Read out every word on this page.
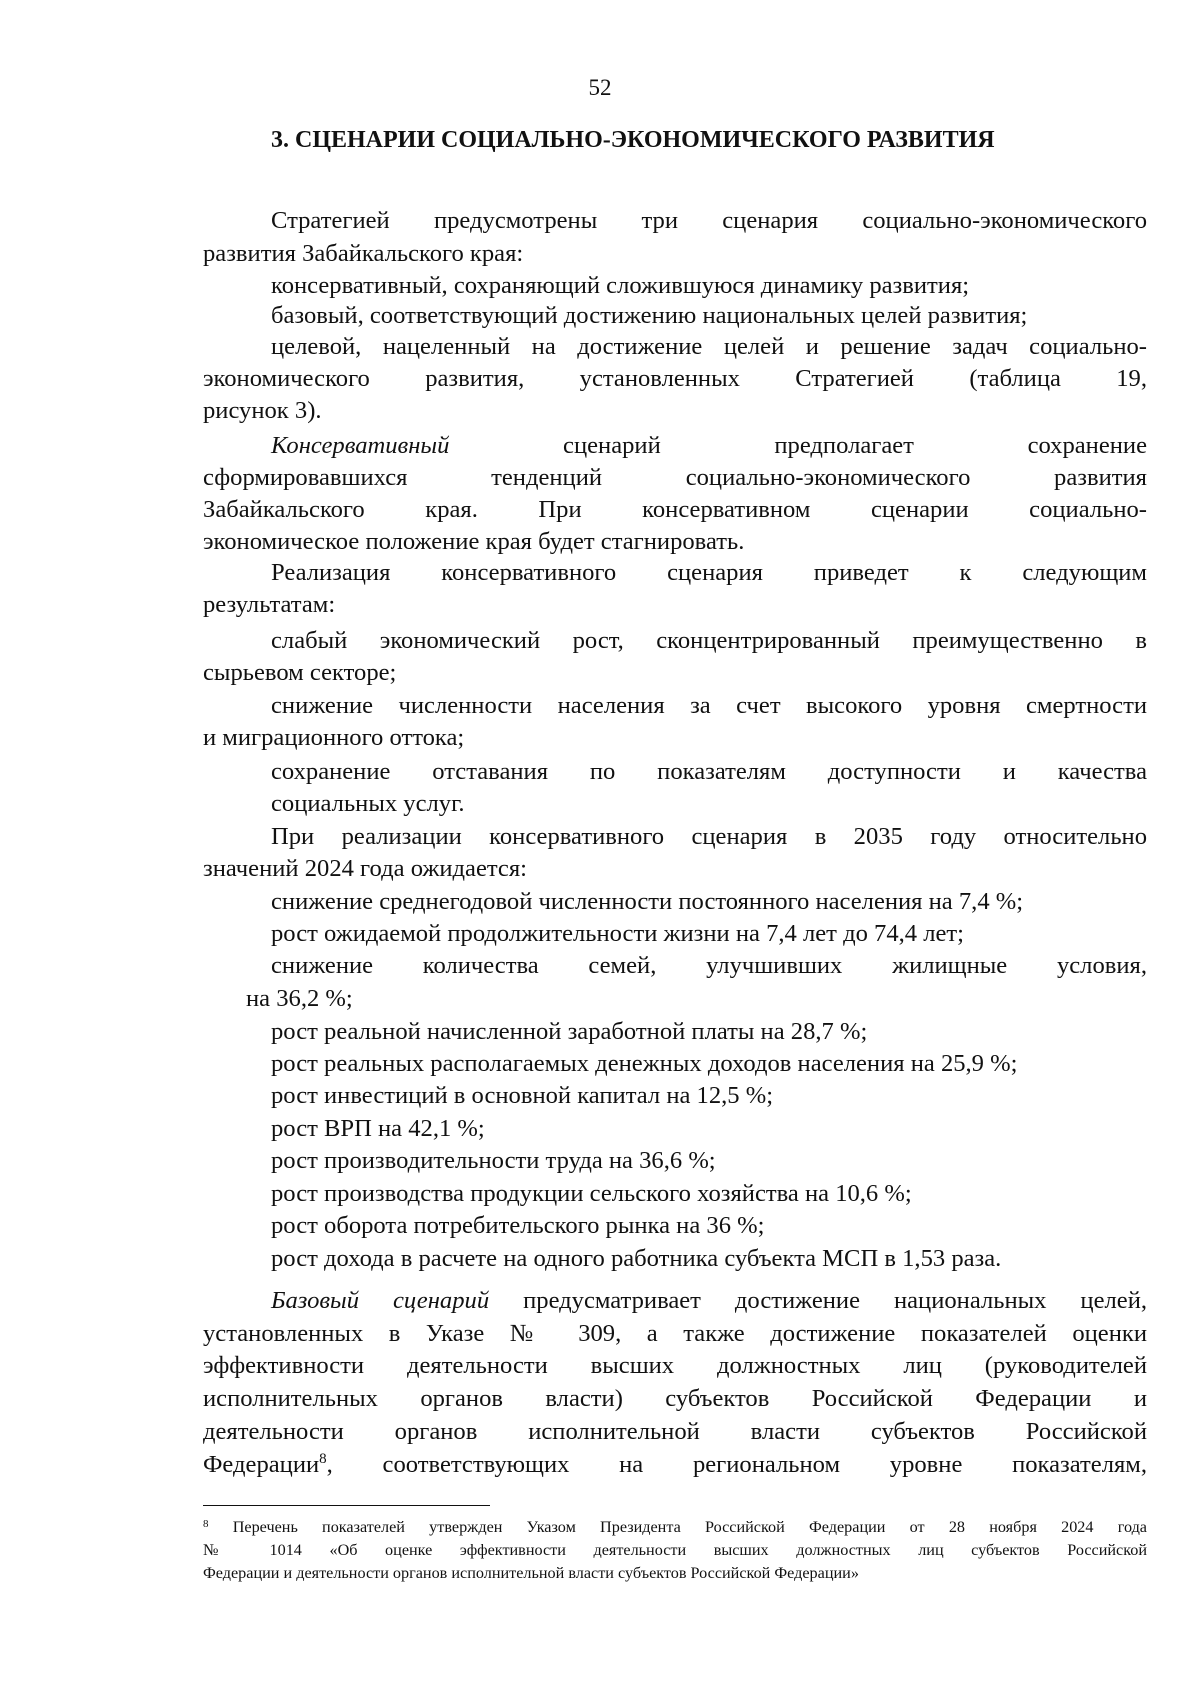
52
3. СЦЕНАРИИ СОЦИАЛЬНО-ЭКОНОМИЧЕСКОГО РАЗВИТИЯ
Стратегией предусмотрены три сценария социально-экономического
развития Забайкальского края:
консервативный, сохраняющий сложившуюся динамику развития;
базовый, соответствующий достижению национальных целей развития;
целевой, нацеленный на достижение целей и решение задач социально-
экономического развития, установленных Стратегией (таблица 19,
рисунок 3).
Консервативный сценарий предполагает сохранение
сформировавшихся тенденций социально-экономического развития
Забайкальского края. При консервативном сценарии социально-
экономическое положение края будет стагнировать.
Реализация консервативного сценария приведет к следующим
результатам:
слабый экономический рост, сконцентрированный преимущественно в
сырьевом секторе;
снижение численности населения за счет высокого уровня смертности
и миграционного оттока;
сохранение отставания по показателям доступности и качества
социальных услуг.
При реализации консервативного сценария в 2035 году относительно
значений 2024 года ожидается:
снижение среднегодовой численности постоянного населения на 7,4 %;
рост ожидаемой продолжительности жизни на 7,4 лет до 74,4 лет;
снижение количества семей, улучшивших жилищные условия,
на 36,2 %;
рост реальной начисленной заработной платы на 28,7 %;
рост реальных располагаемых денежных доходов населения на 25,9 %;
рост инвестиций в основной капитал на 12,5 %;
рост ВРП на 42,1 %;
рост производительности труда на 36,6 %;
рост производства продукции сельского хозяйства на 10,6 %;
рост оборота потребительского рынка на 36 %;
рост дохода в расчете на одного работника субъекта МСП в 1,53 раза.
Базовый сценарий предусматривает достижение национальных целей,
установленных в Указе № 309, а также достижение показателей оценки
эффективности деятельности высших должностных лиц (руководителей
исполнительных органов власти) субъектов Российской Федерации и
деятельности органов исполнительной власти субъектов Российской
Федерации$^8$, соответствующих на региональном уровне показателям,
$^8$ Перечень показателей утвержден Указом Президента Российской Федерации от 28 ноября 2024 года
№ 1014 «Об оценке эффективности деятельности высших должностных лиц субъектов Российской
Федерации и деятельности органов исполнительной власти субъектов Российской Федерации»
